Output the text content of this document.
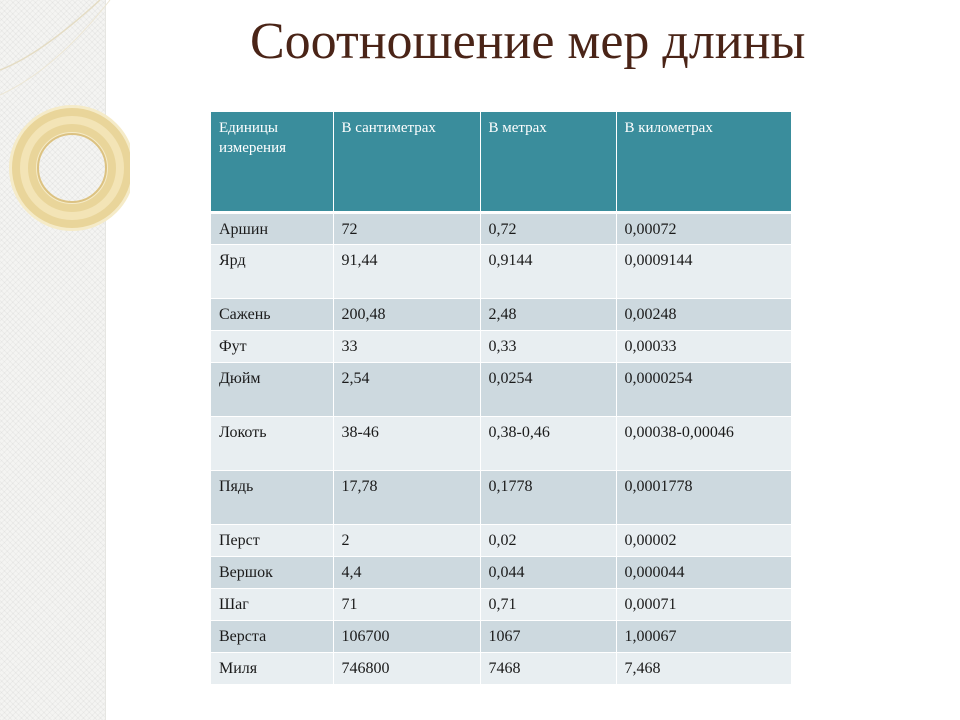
Соотношение мер длины
Единицы измерения	В сантиметрах	В метрах	В километрах
Аршин	72	0,72	0,00072
Ярд	91,44	0,9144	0,0009144
Сажень	200,48	2,48	0,00248
Фут	33	0,33	0,00033
Дюйм	2,54	0,0254	0,0000254
Локоть	38-46	0,38-0,46	0,00038-0,00046
Пядь	17,78	0,1778	0,0001778
Перст	2	0,02	0,00002
Вершок	4,4	0,044	0,000044
Шаг	71	0,71	0,00071
Верста	106700	1067	1,00067
Миля	746800	7468	7,468
